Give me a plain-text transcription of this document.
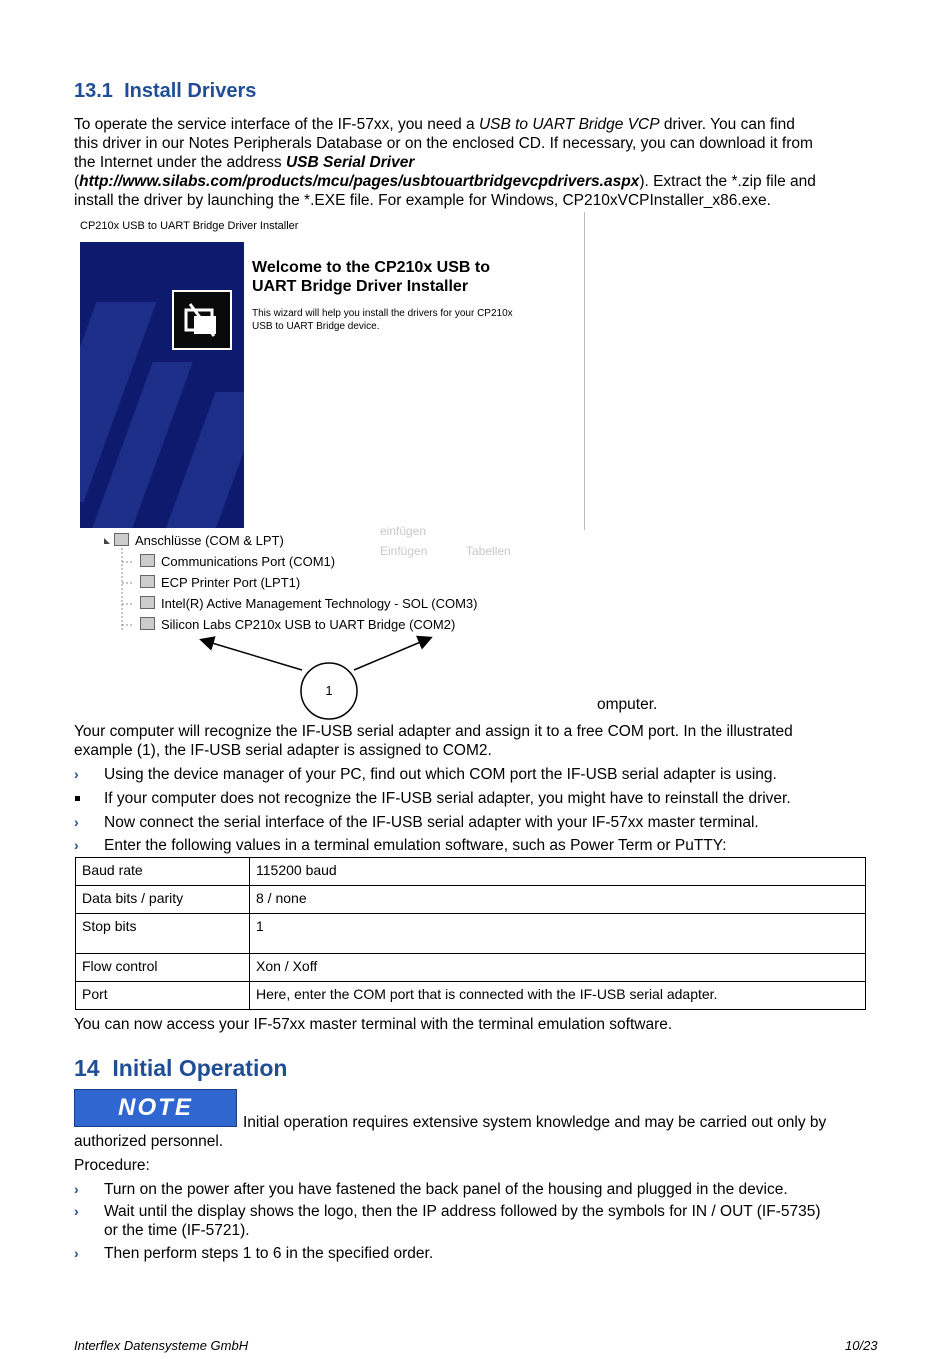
13.1 Install Drivers
To operate the service interface of the IF-57xx, you need a USB to UART Bridge VCP driver. You can find
this driver in our Notes Peripherals Database or on the enclosed CD. If necessary, you can download it from
the Internet under the address USB Serial Driver
(http://www.silabs.com/products/mcu/pages/usbtouartbridgevcpdrivers.aspx). Extract the *.zip file and
install the driver by launching the *.EXE file. For example for Windows, CP210xVCPInstaller_x86.exe.
CP210x USB to UART Bridge Driver Installer
Welcome to the CP210x USB to
UART Bridge Driver Installer
This wizard will help you install the drivers for your CP210x
USB to UART Bridge device.
einfügen
Einfügen	Tabellen
Anschlüsse (COM & LPT)
Communications Port (COM1)
ECP Printer Port (LPT1)
Intel(R) Active Management Technology - SOL (COM3)
Silicon Labs CP210x USB to UART Bridge (COM2)
1
omputer.
Your computer will recognize the IF-USB serial adapter and assign it to a free COM port. In the illustrated
example (1), the IF-USB serial adapter is assigned to COM2.
›	Using the device manager of your PC, find out which COM port the IF-USB serial adapter is using.
If your computer does not recognize the IF-USB serial adapter, you might have to reinstall the driver.
›	Now connect the serial interface of the IF-USB serial adapter with your IF-57xx master terminal.
›	Enter the following values in a terminal emulation software, such as Power Term or PuTTY:
Baud rate	115200 baud
Data bits / parity	8 / none
Stop bits	1
Flow control	Xon / Xoff
Port	Here, enter the COM port that is connected with the IF-USB serial adapter.
You can now access your IF-57xx master terminal with the terminal emulation software.
14 Initial Operation
NOTE
Initial operation requires extensive system knowledge and may be carried out only by
authorized personnel.
Procedure:
›	Turn on the power after you have fastened the back panel of the housing and plugged in the device.
›	Wait until the display shows the logo, then the IP address followed by the symbols for IN / OUT (IF-5735)
or the time (IF-5721).
›	Then perform steps 1 to 6 in the specified order.
Interflex Datensysteme GmbH	10/23
